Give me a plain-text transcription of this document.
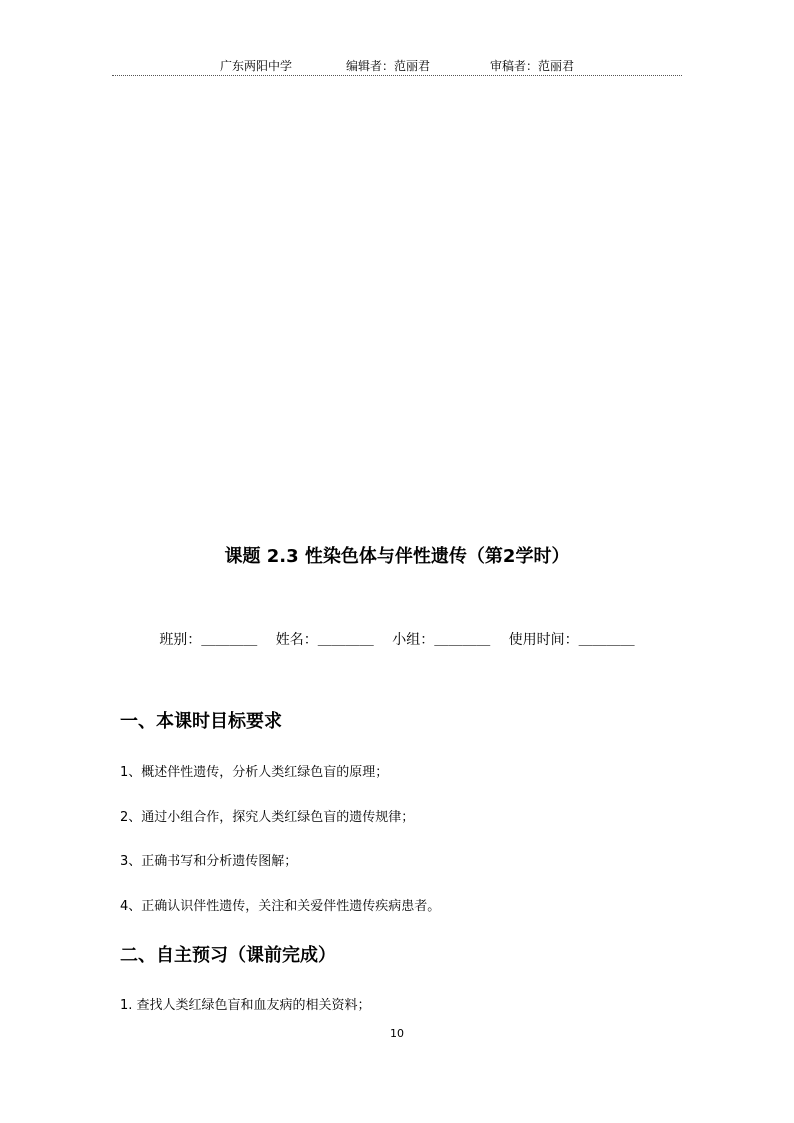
广东两阳中学	编辑者：范丽君	审稿者：范丽君
课题 2.3 性染色体与伴性遗传（第2学时）
班别：＿＿＿＿ 姓名：＿＿＿＿ 小组：＿＿＿＿ 使用时间：＿＿＿＿
一、本课时目标要求
1、概述伴性遗传，分析人类红绿色盲的原理；
2、通过小组合作，探究人类红绿色盲的遗传规律；
3、正确书写和分析遗传图解；
4、正确认识伴性遗传，关注和关爱伴性遗传疾病患者。
二、自主预习（课前完成）
1. 查找人类红绿色盲和血友病的相关资料；
10
